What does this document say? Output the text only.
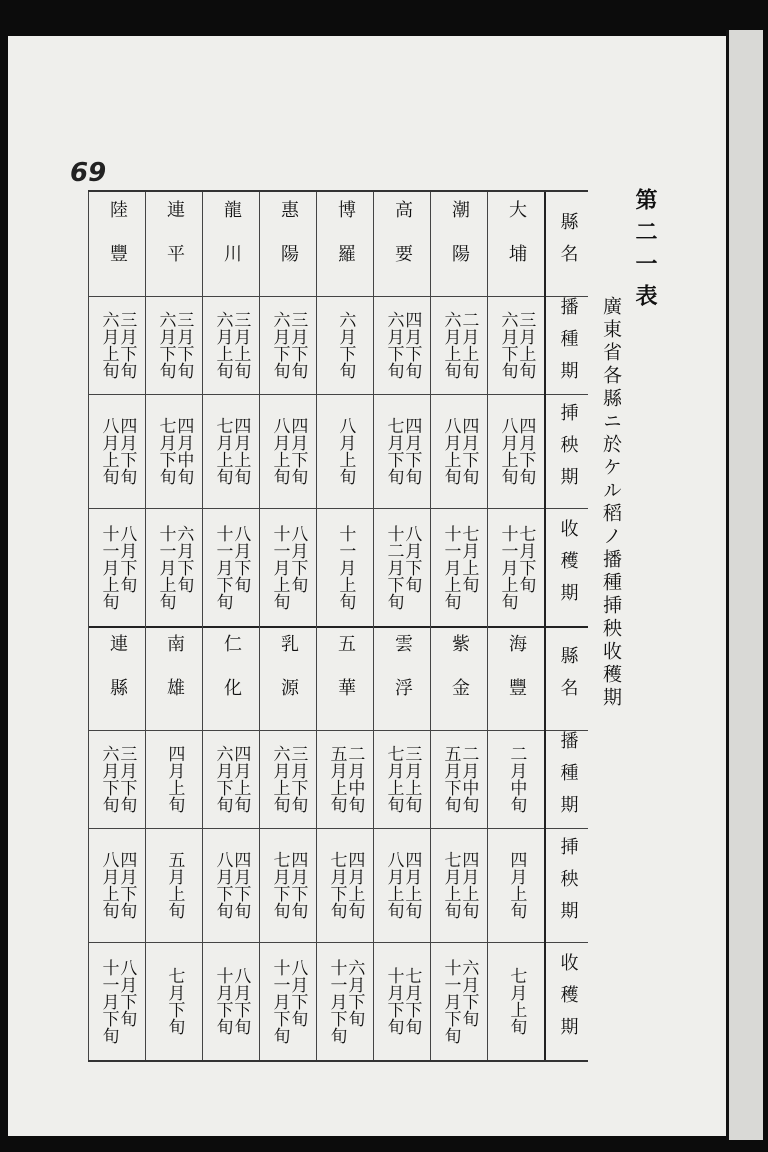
69
第二一表
廣東省各縣ニ於ケル稻ノ播種挿秧收穫期
縣名
播種期
挿秧期
收穫期
縣名
播種期
挿秧期
收穫期
大埔
三月上旬
六月下旬
四月下旬
八月上旬
七月下旬
十一月上旬
潮陽
二月上旬
六月上旬
四月下旬
八月上旬
七月上旬
十一月上旬
高要
四月下旬
六月下旬
四月下旬
七月下旬
八月下旬
十二月下旬
博羅
六月下旬
八月上旬
十一月上旬
惠陽
三月下旬
六月下旬
四月下旬
八月上旬
八月下旬
十一月上旬
龍川
三月上旬
六月上旬
四月上旬
七月上旬
八月下旬
十一月下旬
連平
三月下旬
六月下旬
四月中旬
七月下旬
六月下旬
十一月上旬
陸豐
三月下旬
六月上旬
四月下旬
八月上旬
八月下旬
十一月上旬
海豐
二月中旬
四月上旬
七月上旬
紫金
二月中旬
五月下旬
四月上旬
七月上旬
六月下旬
十一月下旬
雲浮
三月上旬
七月上旬
四月上旬
八月上旬
七月下旬
十月下旬
五華
二月中旬
五月上旬
四月上旬
七月下旬
六月下旬
十一月下旬
乳源
三月下旬
六月上旬
四月下旬
七月下旬
八月下旬
十一月下旬
仁化
四月上旬
六月下旬
四月下旬
八月下旬
八月下旬
十月下旬
南雄
四月上旬
五月上旬
七月下旬
連縣
三月下旬
六月下旬
四月下旬
八月上旬
八月下旬
十一月下旬
